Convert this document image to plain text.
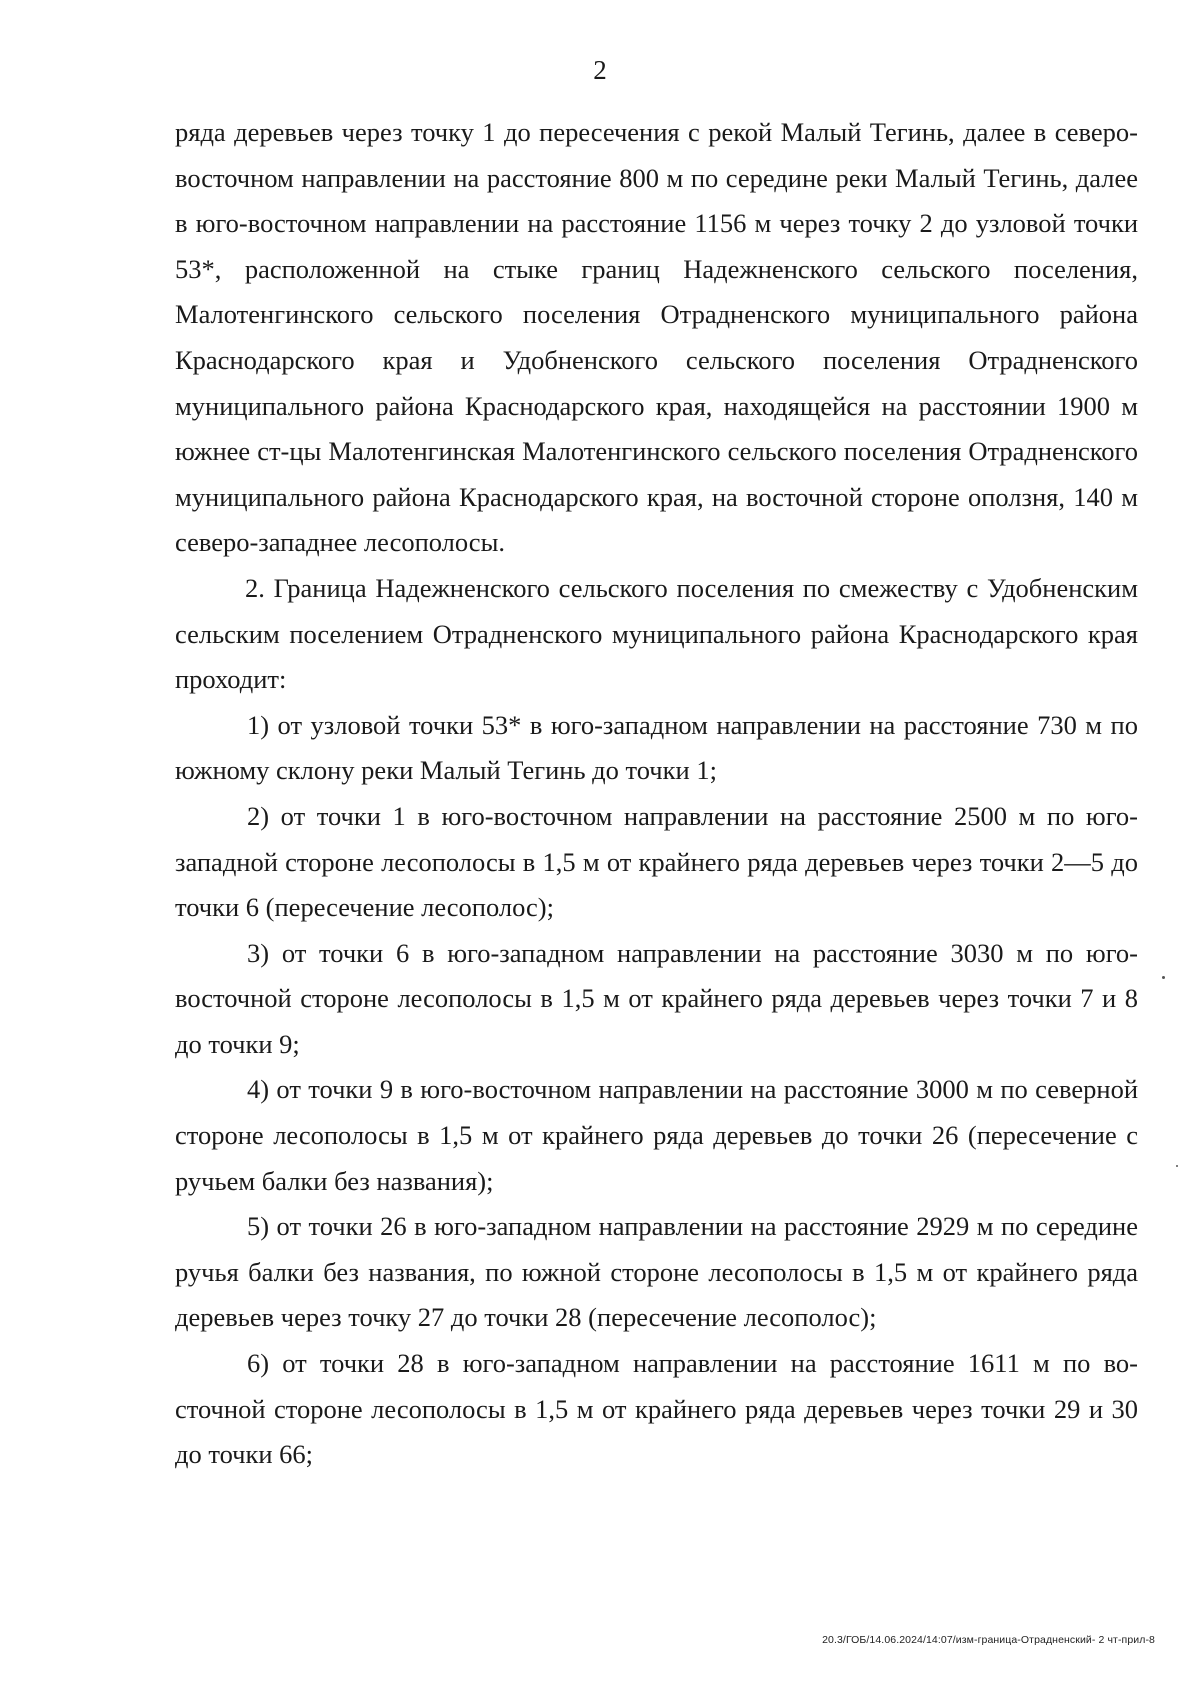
2

ряда деревьев через точку 1 до пересечения с рекой Малый Тегинь, далее в северо-восточном направлении на расстояние 800 м по середине реки Малый Тегинь, далее в юго-восточном направлении на расстояние 1156 м через точку 2 до узловой точки 53*, расположенной на стыке границ Надежненского сельского поселения, Малотенгинского сельского поселения Отрадненского муниципального района Краснодарского края и Удобненского сельского поселения Отрадненского муниципального района Краснодарского края, находящейся на расстоянии 1900 м южнее ст-цы Малотенгинская Малотенгинского сельского поселения Отрадненского муниципального района Краснодарского края, на восточной стороне оползня, 140 м северо-западнее лесополосы.

2. Граница Надежненского сельского поселения по смежеству с Удобненским сельским поселением Отрадненского муниципального района Краснодарского края проходит:

1) от узловой точки 53* в юго-западном направлении на расстояние 730 м по южному склону реки Малый Тегинь до точки 1;

2) от точки 1 в юго-восточном направлении на расстояние 2500 м по юго-западной стороне лесополосы в 1,5 м от крайнего ряда деревьев через точки 2—5 до точки 6 (пересечение лесополос);

3) от точки 6 в юго-западном направлении на расстояние 3030 м по юго-восточной стороне лесополосы в 1,5 м от крайнего ряда деревьев через точки 7 и 8 до точки 9;

4) от точки 9 в юго-восточном направлении на расстояние 3000 м по северной стороне лесополосы в 1,5 м от крайнего ряда деревьев до точки 26 (пересечение с ручьем балки без названия);

5) от точки 26 в юго-западном направлении на расстояние 2929 м по середине ручья балки без названия, по южной стороне лесополосы в 1,5 м от крайнего ряда деревьев через точку 27 до точки 28 (пересечение лесополос);

6) от точки 28 в юго-западном направлении на расстояние 1611 м по восточной стороне лесополосы в 1,5 м от крайнего ряда деревьев через точки 29 и 30 до точки 66;

20.3/ГОБ/14.06.2024/14:07/изм-граница-Отрадненский- 2 чт-прил-8
